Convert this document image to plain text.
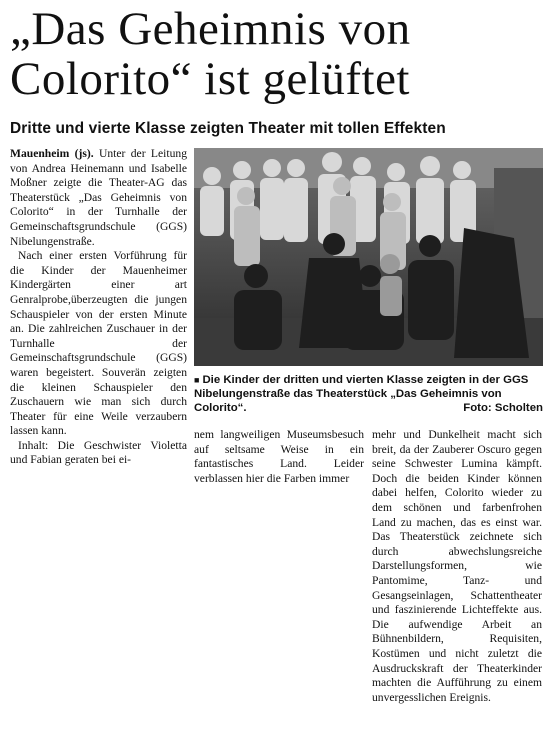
„Das Geheimnis von
Colorito“ ist gelüftet
Dritte und vierte Klasse zeigten Theater mit tollen Effekten

Mauenheim (js). Unter der Leitung von Andrea Heinemann und Isabelle Moßner zeigte die Theater-AG das Theaterstück „Das Geheimnis von Colorito“ in der Turnhalle der Gemeinschaftsgrundschule (GGS) Nibelungenstraße.

Nach einer ersten Vorführung für die Kinder der Mauenheimer Kindergärten einer art Genralprobe,überzeugten die jungen Schauspieler von der ersten Minute an. Die zahlreichen Zuschauer in der Turnhalle der Gemeinschaftsgrundschule (GGS) waren begeistert. Souverän zeigten die kleinen Schauspieler den Zuschauern wie man sich durch Theater für eine Weile verzaubern lassen kann.

Inhalt: Die Geschwister Violetta und Fabian geraten bei ei-

■ Die Kinder der dritten und vierten Klasse zeigten in der GGS Nibelungenstraße das Theaterstück „Das Geheimnis von Colorito“.	Foto: Scholten

nem langweiligen Museumsbesuch auf seltsame Weise in ein fantastisches Land. Leider verblassen hier die Farben immer

mehr und Dunkelheit macht sich breit, da der Zauberer Oscuro gegen seine Schwester Lumina kämpft. Doch die beiden Kinder können dabei helfen, Colorito wieder zu dem schönen und farbenfrohen Land zu machen, das es einst war. Das Theaterstück zeichnete sich durch abwechslungsreiche Darstellungsformen, wie Pantomime, Tanz- und Gesangseinlagen, Schattentheater und faszinierende Lichteffekte aus. Die aufwendige Arbeit an Bühnenbildern, Requisiten, Kostümen und nicht zuletzt die Ausdruckskraft der Theaterkinder machten die Aufführung zu einem unvergesslichen Ereignis.
